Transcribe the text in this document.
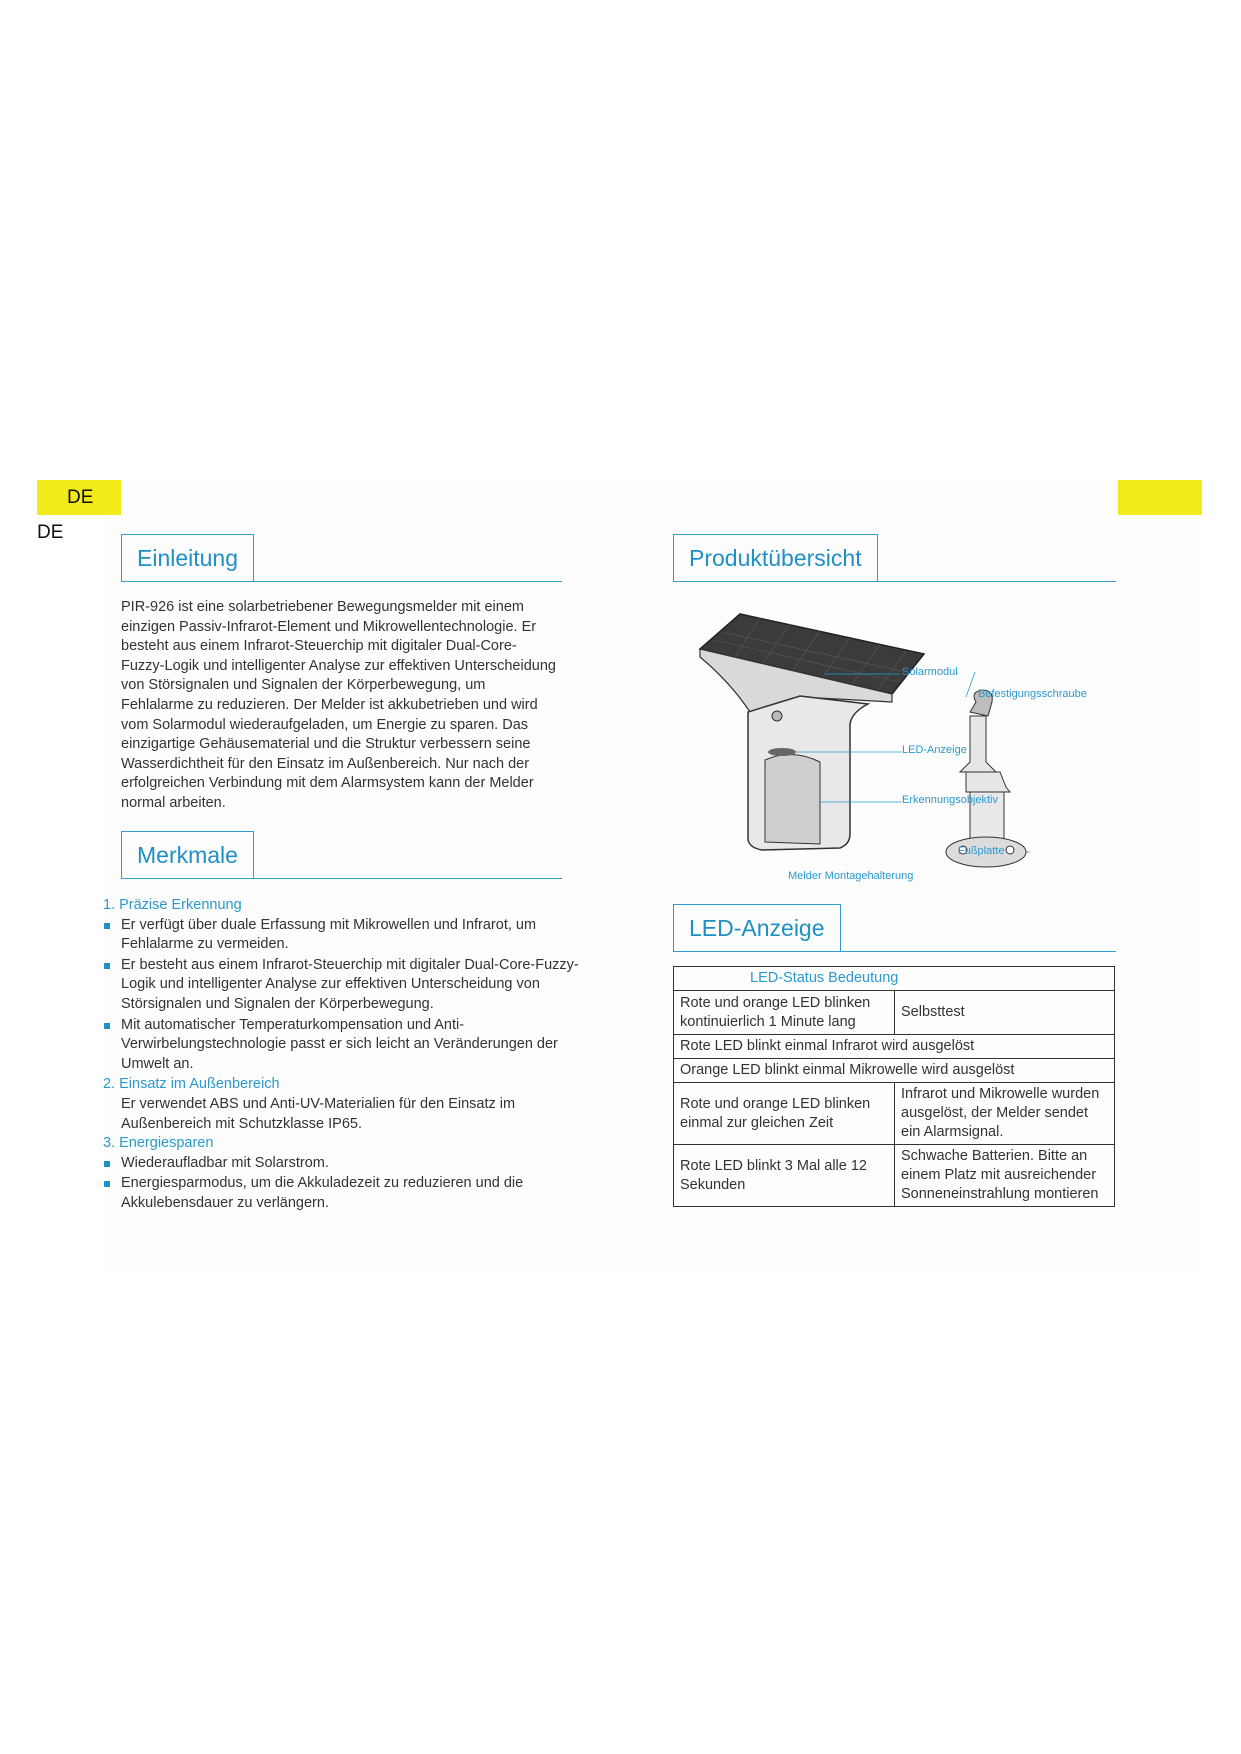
DE DE
Einleitung
PIR-926 ist eine solarbetriebener Bewegungsmelder mit einem
einzigen Passiv-Infrarot-Element und Mikrowellentechnologie. Er
besteht aus einem Infrarot-Steuerchip mit digitaler Dual-Core-
Fuzzy-Logik und intelligenter Analyse zur effektiven Unterscheidung
von Störsignalen und Signalen der Körperbewegung, um
Fehlalarme zu reduzieren. Der Melder ist akkubetrieben und wird
vom Solarmodul wiederaufgeladen, um Energie zu sparen. Das
einzigartige Gehäusematerial und die Struktur verbessern seine
Wasserdichtheit für den Einsatz im Außenbereich. Nur nach der
erfolgreichen Verbindung mit dem Alarmsystem kann der Melder
normal arbeiten.
Merkmale
1. Präzise Erkennung
Er verfügt über duale Erfassung mit Mikrowellen und Infrarot, um Fehlalarme zu vermeiden.
Er besteht aus einem Infrarot-Steuerchip mit digitaler Dual-Core-Fuzzy-Logik und intelligenter Analyse zur effektiven Unterscheidung von Störsignalen und Signalen der Körperbewegung.
Mit automatischer Temperaturkompensation und Anti-Verwirbelungstechnologie passt er sich leicht an Veränderungen der Umwelt an.
2. Einsatz im Außenbereich
Er verwendet ABS und Anti-UV-Materialien für den Einsatz im Außenbereich mit Schutzklasse IP65.
3. Energiesparen
Wiederaufladbar mit Solarstrom.
Energiesparmodus, um die Akkuladezeit zu reduzieren und die Akkulebensdauer zu verlängern.
Produktübersicht
Solarmodul
Befestigungsschraube
LED-Anzeige
Erkennungsobjektiv
Fußplatte
Melder Montagehalterung
LED-Anzeige
LED-Status Bedeutung	
Rote und orange LED blinken kontinuierlich 1 Minute lang	Selbsttest
Rote LED blinkt einmal Infrarot wird ausgelöst	
Orange LED blinkt einmal Mikrowelle wird ausgelöst	
Rote und orange LED blinken einmal zur gleichen Zeit	Infrarot und Mikrowelle wurden ausgelöst, der Melder sendet ein Alarmsignal.
Rote LED blinkt 3 Mal alle 12 Sekunden	Schwache Batterien. Bitte an einem Platz mit ausreichender Sonneneinstrahlung montieren
